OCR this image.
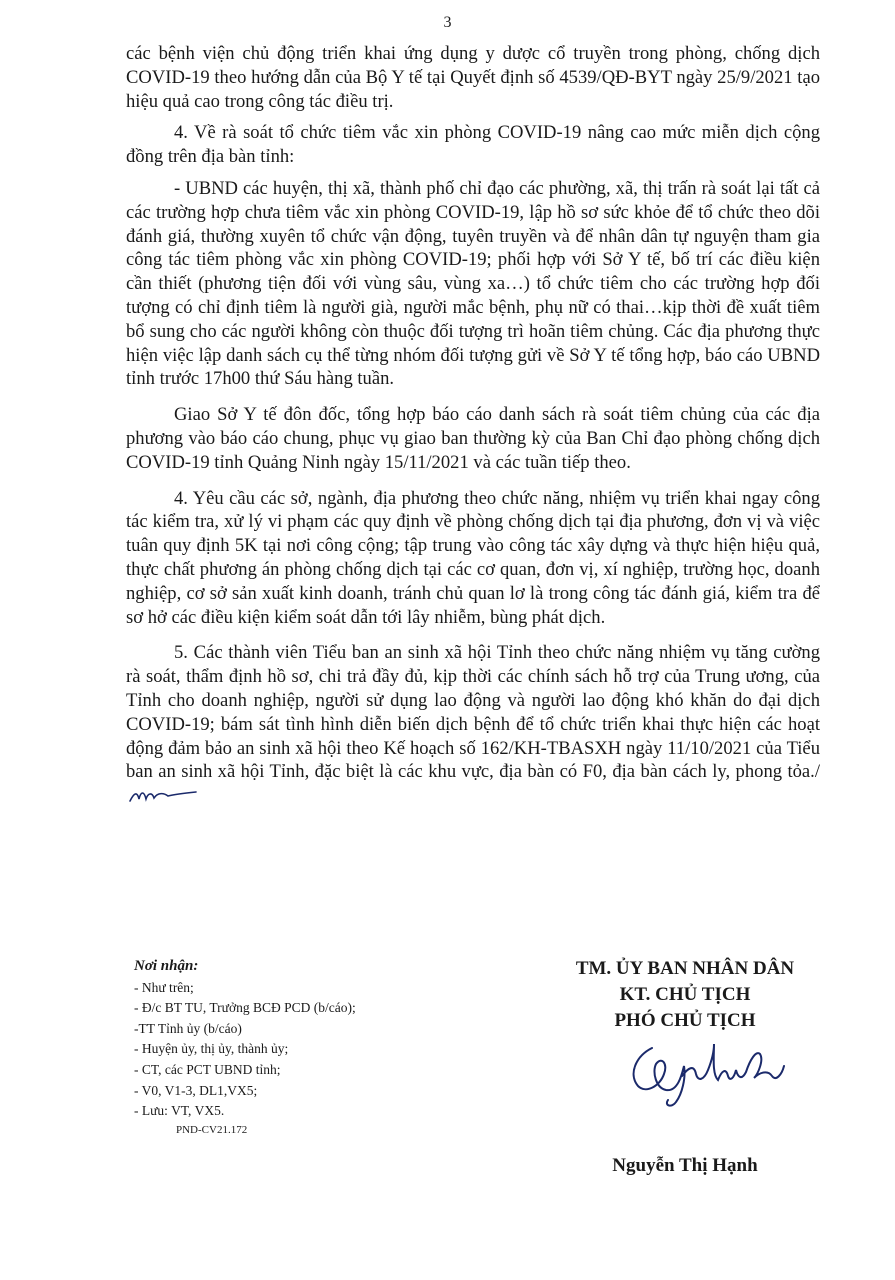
3

các bệnh viện chủ động triển khai ứng dụng y dược cổ truyền trong phòng, chống dịch COVID-19 theo hướng dẫn của Bộ Y tế tại Quyết định số 4539/QĐ-BYT ngày 25/9/2021 tạo hiệu quả cao trong công tác điều trị.

4. Về rà soát tổ chức tiêm vắc xin phòng COVID-19 nâng cao mức miễn dịch cộng đồng trên địa bàn tỉnh:

- UBND các huyện, thị xã, thành phố chỉ đạo các phường, xã, thị trấn rà soát lại tất cả các trường hợp chưa tiêm vắc xin phòng COVID-19, lập hồ sơ sức khỏe để tổ chức theo dõi đánh giá, thường xuyên tổ chức vận động, tuyên truyền và để nhân dân tự nguyện tham gia công tác tiêm phòng vắc xin phòng COVID-19; phối hợp với Sở Y tế, bố trí các điều kiện cần thiết (phương tiện đối với vùng sâu, vùng xa…) tổ chức tiêm cho các trường hợp đối tượng có chỉ định tiêm là người già, người mắc bệnh, phụ nữ có thai…kịp thời đề xuất tiêm bổ sung cho các người không còn thuộc đối tượng trì hoãn tiêm chủng. Các địa phương thực hiện việc lập danh sách cụ thể từng nhóm đối tượng gửi về Sở Y tế tổng hợp, báo cáo UBND tỉnh trước 17h00 thứ Sáu hàng tuần.

Giao Sở Y tế đôn đốc, tổng hợp báo cáo danh sách rà soát tiêm chủng của các địa phương vào báo cáo chung, phục vụ giao ban thường kỳ của Ban Chỉ đạo phòng chống dịch COVID-19 tỉnh Quảng Ninh ngày 15/11/2021 và các tuần tiếp theo.

4. Yêu cầu các sở, ngành, địa phương theo chức năng, nhiệm vụ triển khai ngay công tác kiểm tra, xử lý vi phạm các quy định về phòng chống dịch tại địa phương, đơn vị và việc tuân quy định 5K tại nơi công cộng; tập trung vào công tác xây dựng và thực hiện hiệu quả, thực chất phương án phòng chống dịch tại các cơ quan, đơn vị, xí nghiệp, trường học, doanh nghiệp, cơ sở sản xuất kinh doanh, tránh chủ quan lơ là trong công tác đánh giá, kiểm tra để sơ hở các điều kiện kiểm soát dẫn tới lây nhiễm, bùng phát dịch.

5. Các thành viên Tiểu ban an sinh xã hội Tỉnh theo chức năng nhiệm vụ tăng cường rà soát, thẩm định hồ sơ, chi trả đầy đủ, kịp thời các chính sách hỗ trợ của Trung ương, của Tỉnh cho doanh nghiệp, người sử dụng lao động và người lao động khó khăn do đại dịch COVID-19; bám sát tình hình diễn biến dịch bệnh để tổ chức triển khai thực hiện các hoạt động đảm bảo an sinh xã hội theo Kế hoạch số 162/KH-TBASXH ngày 11/10/2021 của Tiểu ban an sinh xã hội Tỉnh, đặc biệt là các khu vực, địa bàn có F0, địa bàn cách ly, phong tỏa./

Nơi nhận:
- Như trên;
- Đ/c BT TU, Trưởng BCĐ PCD (b/cáo);
-TT Tỉnh ủy (b/cáo)
- Huyện ủy, thị ủy, thành ủy;
- CT, các PCT UBND tỉnh;
- V0, V1-3, DL1,VX5;
- Lưu: VT, VX5.
PND-CV21.172
TM. ỦY BAN NHÂN DÂN
KT. CHỦ TỊCH
PHÓ CHỦ TỊCH
Nguyễn Thị Hạnh
